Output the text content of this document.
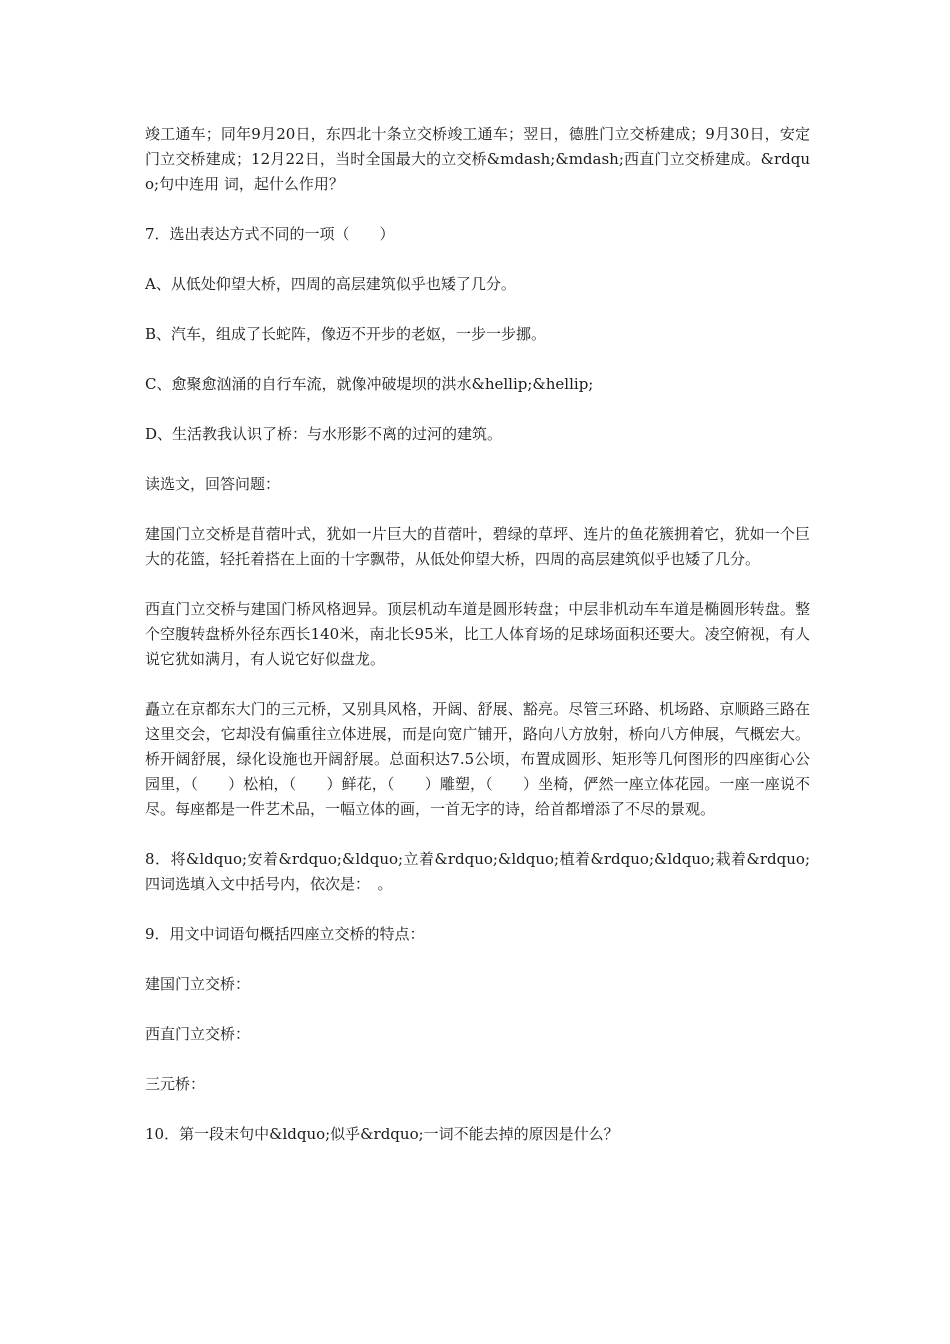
竣工通车；同年9月20日，东四北十条立交桥竣工通车；翌日，德胜门立交桥建成；9月30日，安定门立交桥建成；12月22日，当时全国最大的立交桥&mdash;&mdash;西直门立交桥建成。&rdquo;句中连用 词，起什么作用？

7．选出表达方式不同的一项（　　）

A、从低处仰望大桥，四周的高层建筑似乎也矮了几分。

B、汽车，组成了长蛇阵，像迈不开步的老妪，一步一步挪。

C、愈聚愈汹涌的自行车流，就像冲破堤坝的洪水&hellip;&hellip;

D、生活教我认识了桥：与水形影不离的过河的建筑。

读选文，回答问题：

建国门立交桥是苜蓿叶式，犹如一片巨大的苜蓿叶，碧绿的草坪、连片的鱼花簇拥着它，犹如一个巨大的花篮，轻托着搭在上面的十字飘带，从低处仰望大桥，四周的高层建筑似乎也矮了几分。

西直门立交桥与建国门桥风格迥异。顶层机动车道是圆形转盘；中层非机动车车道是椭圆形转盘。整个空腹转盘桥外径东西长140米，南北长95米，比工人体育场的足球场面积还要大。凌空俯视，有人说它犹如满月，有人说它好似盘龙。

矗立在京都东大门的三元桥，又别具风格，开阔、舒展、豁亮。尽管三环路、机场路、京顺路三路在这里交会，它却没有偏重往立体进展，而是向宽广铺开，路向八方放射，桥向八方伸展，气概宏大。桥开阔舒展，绿化设施也开阔舒展。总面积达7.5公顷，布置成圆形、矩形等几何图形的四座街心公园里，（　　）松柏，（　　）鲜花，（　　）雕塑，（　　）坐椅，俨然一座立体花园。一座一座说不尽。每座都是一件艺术品，一幅立体的画，一首无字的诗，给首都增添了不尽的景观。

8．将&ldquo;安着&rdquo;&ldquo;立着&rdquo;&ldquo;植着&rdquo;&ldquo;栽着&rdquo;四词选填入文中括号内，依次是：　。

9．用文中词语句概括四座立交桥的特点：

建国门立交桥：

西直门立交桥：

三元桥：

10．第一段末句中&ldquo;似乎&rdquo;一词不能去掉的原因是什么？
